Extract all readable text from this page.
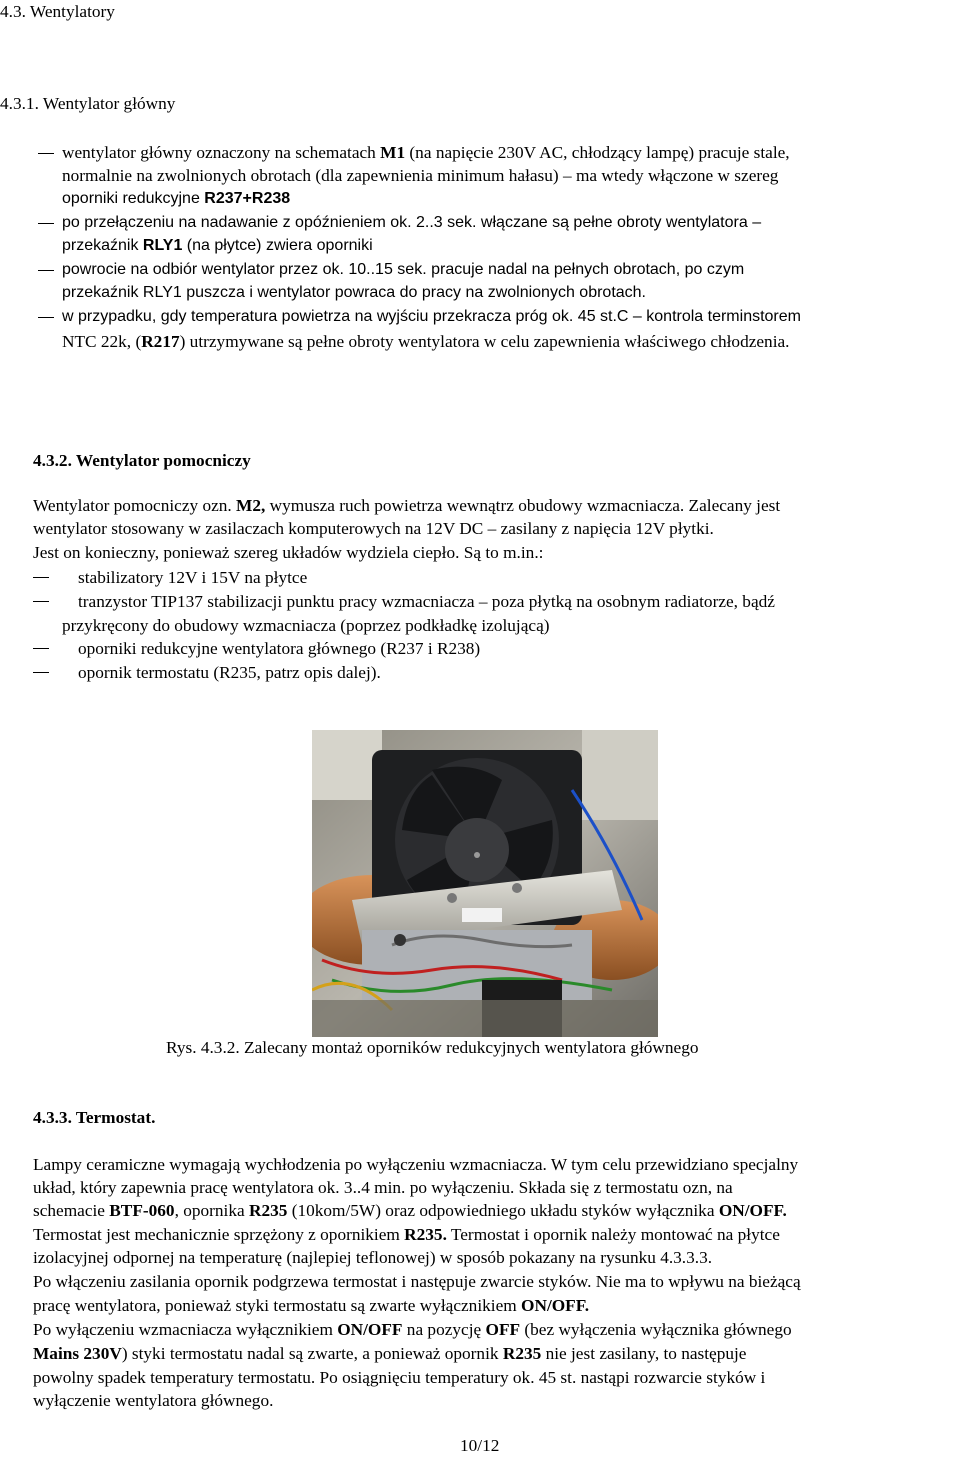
4.3. Wentylatory
4.3.1. Wentylator główny
wentylator główny oznaczony na schematach M1 (na napięcie 230V AC, chłodzący lampę) pracuje stale,
normalnie na zwolnionych obrotach (dla zapewnienia minimum hałasu) – ma wtedy włączone w szereg
oporniki redukcyjne R237+R238
po przełączeniu na nadawanie z opóźnieniem ok. 2..3 sek. włączane są pełne obroty wentylatora –
przekaźnik RLY1 (na płytce) zwiera oporniki
powrocie na odbiór wentylator przez ok. 10..15 sek. pracuje nadal na pełnych obrotach, po czym
przekaźnik RLY1 puszcza i wentylator powraca do pracy na zwolnionych obrotach.
w przypadku, gdy temperatura powietrza na wyjściu przekracza próg ok. 45 st.C – kontrola terminstorem
NTC 22k, (R217) utrzymywane są pełne obroty wentylatora w celu zapewnienia właściwego chłodzenia.
4.3.2. Wentylator pomocniczy
Wentylator pomocniczy ozn. M2, wymusza ruch powietrza wewnątrz obudowy wzmacniacza. Zalecany jest
wentylator stosowany w zasilaczach komputerowych na 12V DC – zasilany z napięcia 12V płytki.
Jest on konieczny, ponieważ szereg układów wydziela ciepło. Są to m.in.:
stabilizatory 12V i 15V na płytce
tranzystor TIP137 stabilizacji punktu pracy wzmacniacza – poza płytką na osobnym radiatorze, bądź
przykręcony do obudowy wzmacniacza (poprzez podkładkę izolującą)
oporniki redukcyjne wentylatora głównego (R237 i R238)
opornik termostatu (R235, patrz opis dalej).
Rys. 4.3.2. Zalecany montaż oporników redukcyjnych wentylatora głównego
4.3.3. Termostat.
Lampy ceramiczne wymagają wychłodzenia po wyłączeniu wzmacniacza. W tym celu przewidziano specjalny
układ, który zapewnia pracę wentylatora ok. 3..4 min. po wyłączeniu. Składa się z termostatu ozn, na
schemacie BTF-060, opornika R235 (10kom/5W) oraz odpowiedniego układu styków wyłącznika ON/OFF.
Termostat jest mechanicznie sprzężony z opornikiem R235. Termostat i opornik należy montować na płytce
izolacyjnej odpornej na temperaturę (najlepiej teflonowej) w sposób pokazany na rysunku 4.3.3.3.
Po włączeniu zasilania opornik podgrzewa termostat i następuje zwarcie styków. Nie ma to wpływu na bieżącą
pracę wentylatora, ponieważ styki termostatu są zwarte wyłącznikiem ON/OFF.
Po wyłączeniu wzmacniacza wyłącznikiem ON/OFF na pozycję OFF (bez wyłączenia wyłącznika głównego
Mains 230V) styki termostatu nadal są zwarte, a ponieważ opornik R235 nie jest zasilany, to następuje
powolny spadek temperatury termostatu. Po osiągnięciu temperatury ok. 45 st. nastąpi rozwarcie styków i
wyłączenie wentylatora głównego.
10/12
